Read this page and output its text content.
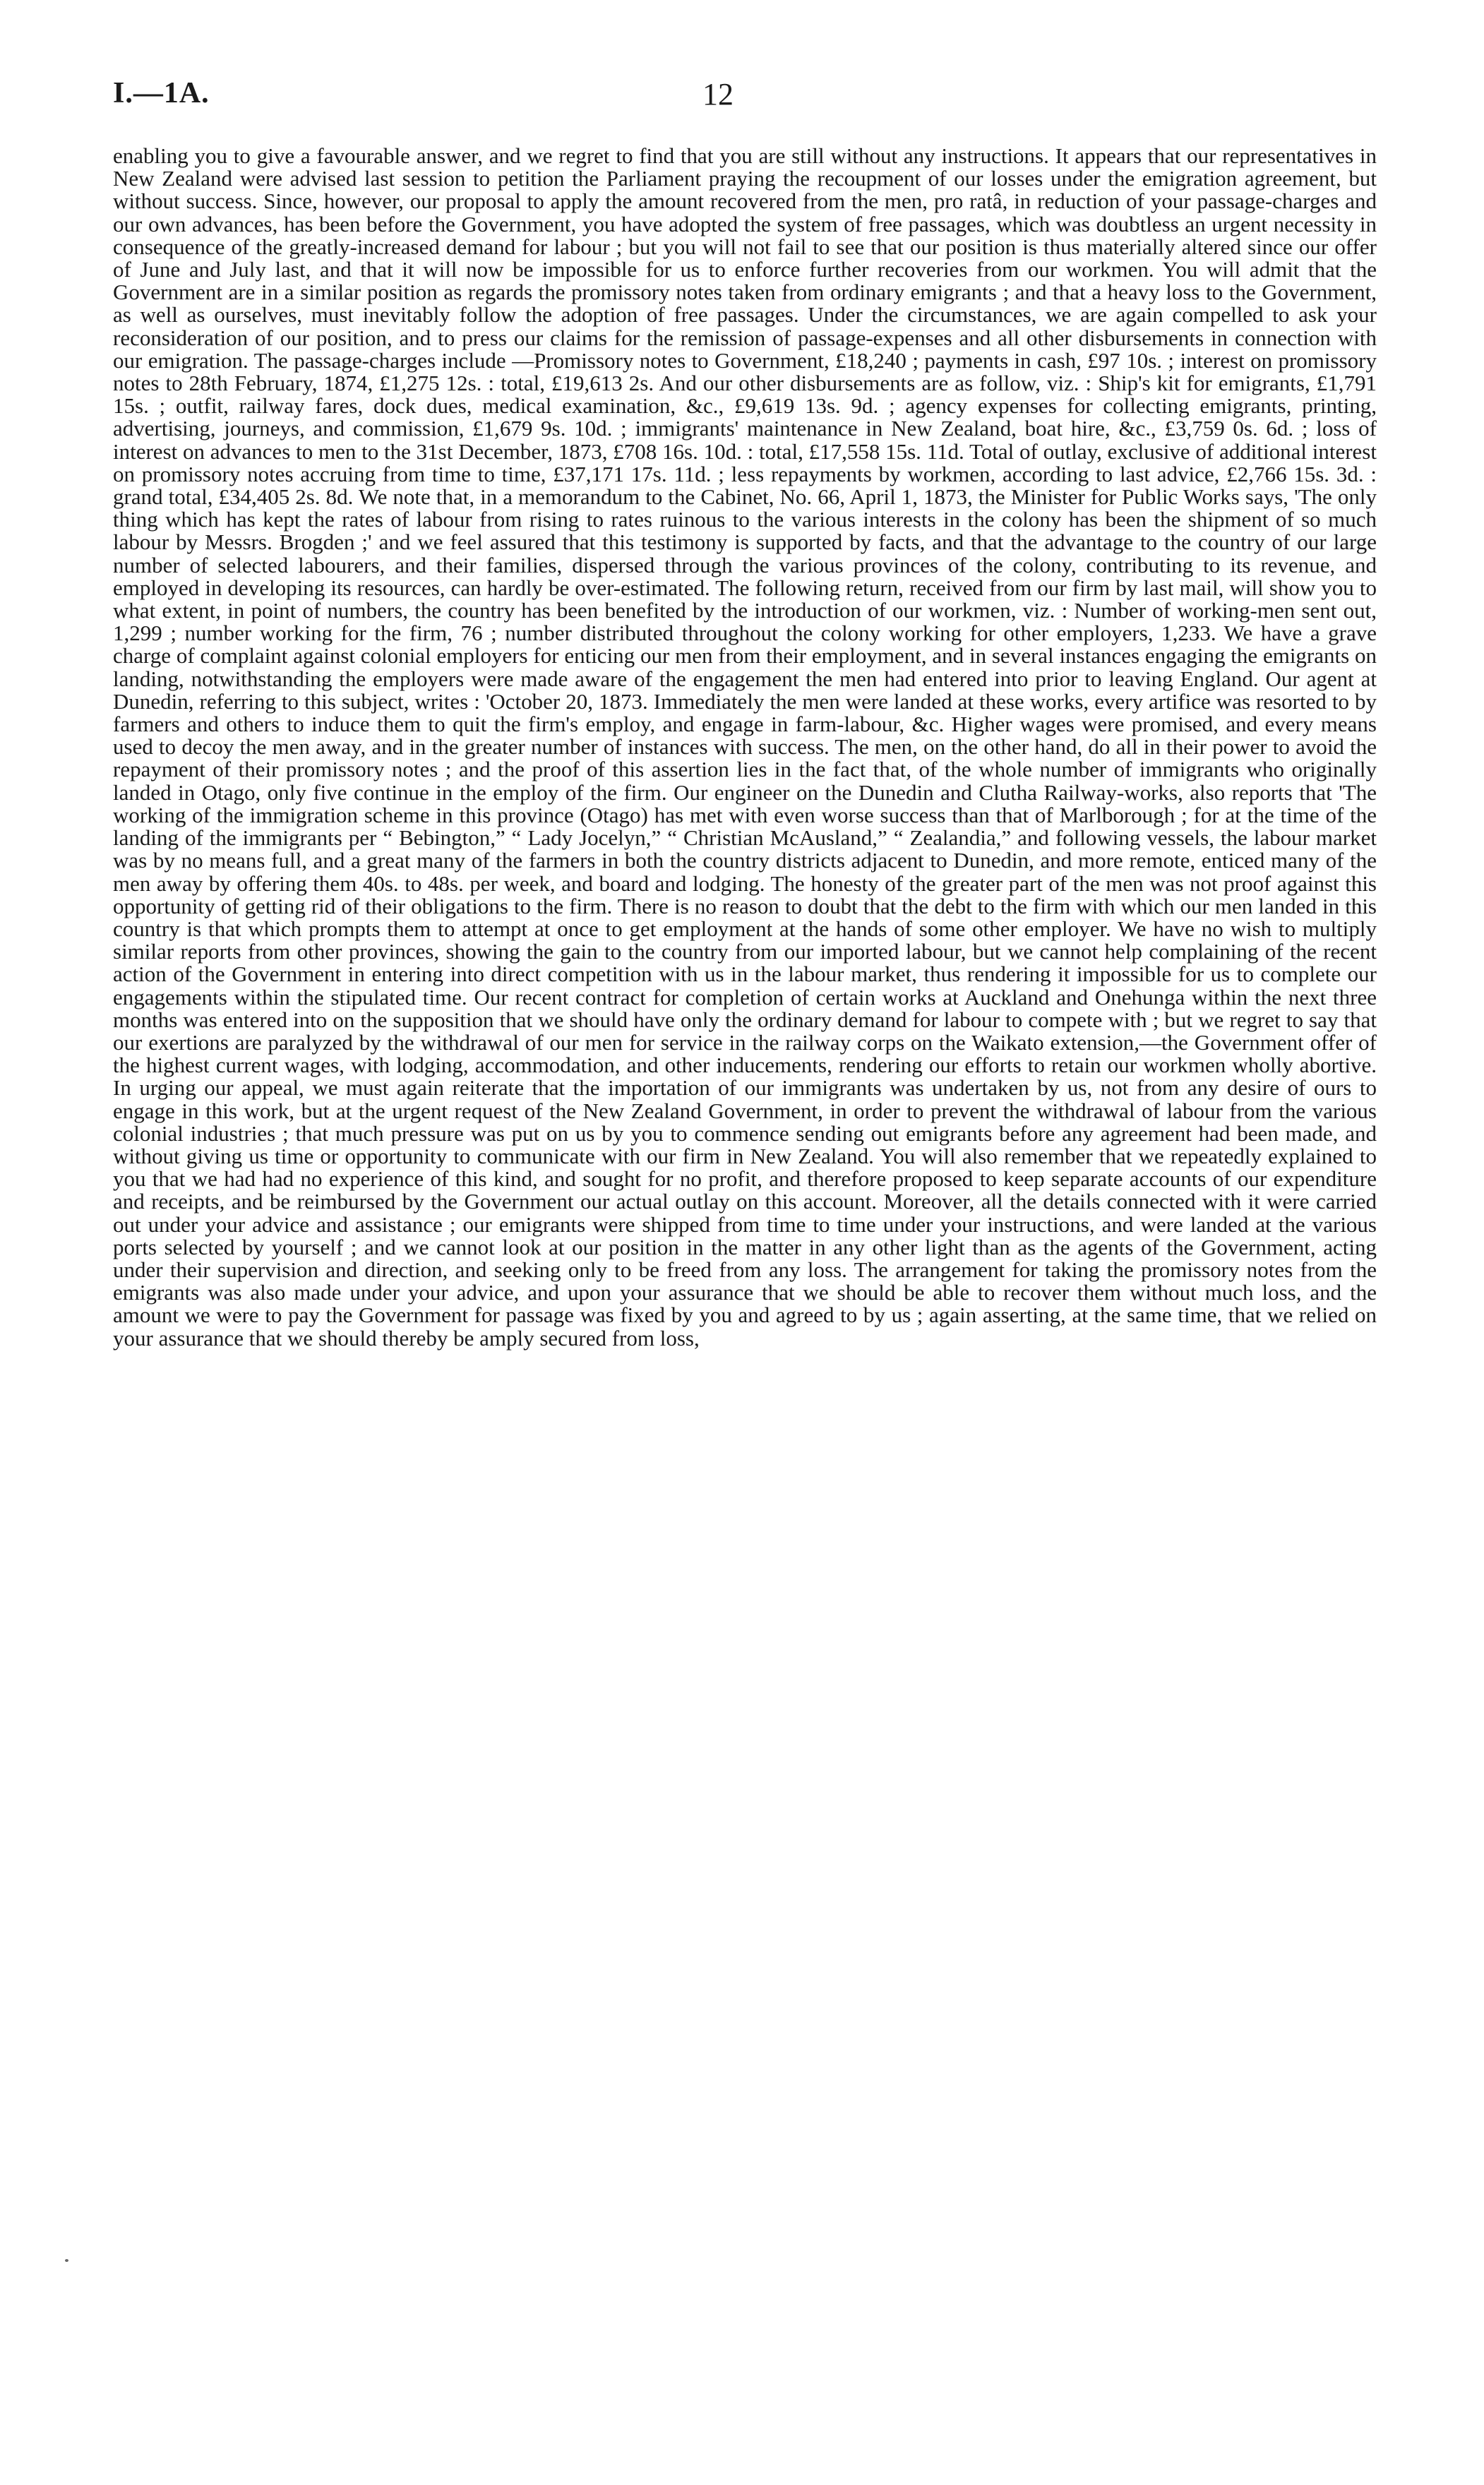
I.—1A.	12

enabling you to give a favourable answer, and we regret to find that you are still without any instructions. It appears that our representatives in New Zealand were advised last session to petition the Parliament praying the recoupment of our losses under the emigration agreement, but without success. Since, however, our proposal to apply the amount recovered from the men, pro ratâ, in reduction of your passage-charges and our own advances, has been before the Government, you have adopted the system of free passages, which was doubtless an urgent necessity in consequence of the greatly-increased demand for labour ; but you will not fail to see that our position is thus materially altered since our offer of June and July last, and that it will now be impossible for us to enforce further recoveries from our workmen. You will admit that the Government are in a similar position as regards the promissory notes taken from ordinary emigrants ; and that a heavy loss to the Government, as well as ourselves, must inevitably follow the adoption of free passages. Under the circumstances, we are again compelled to ask your reconsideration of our position, and to press our claims for the remission of passage-expenses and all other disbursements in connection with our emigration. The passage-charges include —Promissory notes to Government, £18,240 ; payments in cash, £97 10s. ; interest on promissory notes to 28th February, 1874, £1,275 12s. : total, £19,613 2s. And our other disbursements are as follow, viz. : Ship's kit for emigrants, £1,791 15s. ; outfit, railway fares, dock dues, medical examination, &c., £9,619 13s. 9d. ; agency expenses for collecting emigrants, printing, advertising, journeys, and commission, £1,679 9s. 10d. ; immigrants' maintenance in New Zealand, boat hire, &c., £3,759 0s. 6d. ; loss of interest on advances to men to the 31st December, 1873, £708 16s. 10d. : total, £17,558 15s. 11d. Total of outlay, exclusive of additional interest on promissory notes accruing from time to time, £37,171 17s. 11d. ; less repayments by workmen, according to last advice, £2,766 15s. 3d. : grand total, £34,405 2s. 8d. We note that, in a memorandum to the Cabinet, No. 66, April 1, 1873, the Minister for Public Works says, 'The only thing which has kept the rates of labour from rising to rates ruinous to the various interests in the colony has been the shipment of so much labour by Messrs. Brogden ;' and we feel assured that this testimony is supported by facts, and that the advantage to the country of our large number of selected labourers, and their families, dispersed through the various provinces of the colony, contributing to its revenue, and employed in developing its resources, can hardly be over-estimated. The following return, received from our firm by last mail, will show you to what extent, in point of numbers, the country has been benefited by the introduction of our workmen, viz. : Number of working-men sent out, 1,299 ; number working for the firm, 76 ; number distributed throughout the colony working for other employers, 1,233. We have a grave charge of complaint against colonial employers for enticing our men from their employment, and in several instances engaging the emigrants on landing, notwithstanding the employers were made aware of the engagement the men had entered into prior to leaving England. Our agent at Dunedin, referring to this subject, writes : 'October 20, 1873. Immediately the men were landed at these works, every artifice was resorted to by farmers and others to induce them to quit the firm's employ, and engage in farm-labour, &c. Higher wages were promised, and every means used to decoy the men away, and in the greater number of instances with success. The men, on the other hand, do all in their power to avoid the repayment of their promissory notes ; and the proof of this assertion lies in the fact that, of the whole number of immigrants who originally landed in Otago, only five continue in the employ of the firm. Our engineer on the Dunedin and Clutha Railway-works, also reports that 'The working of the immigration scheme in this province (Otago) has met with even worse success than that of Marlborough ; for at the time of the landing of the immigrants per “ Bebington,” “ Lady Jocelyn,” “ Christian McAusland,” “ Zealandia,” and following vessels, the labour market was by no means full, and a great many of the farmers in both the country districts adjacent to Dunedin, and more remote, enticed many of the men away by offering them 40s. to 48s. per week, and board and lodging. The honesty of the greater part of the men was not proof against this opportunity of getting rid of their obligations to the firm. There is no reason to doubt that the debt to the firm with which our men landed in this country is that which prompts them to attempt at once to get employment at the hands of some other employer. We have no wish to multiply similar reports from other provinces, showing the gain to the country from our imported labour, but we cannot help complaining of the recent action of the Government in entering into direct competition with us in the labour market, thus rendering it impossible for us to complete our engagements within the stipulated time. Our recent contract for completion of certain works at Auckland and Onehunga within the next three months was entered into on the supposition that we should have only the ordinary demand for labour to compete with ; but we regret to say that our exertions are paralyzed by the withdrawal of our men for service in the railway corps on the Waikato extension,—the Government offer of the highest current wages, with lodging, accommodation, and other inducements, rendering our efforts to retain our workmen wholly abortive. In urging our appeal, we must again reiterate that the importation of our immigrants was undertaken by us, not from any desire of ours to engage in this work, but at the urgent request of the New Zealand Government, in order to prevent the withdrawal of labour from the various colonial industries ; that much pressure was put on us by you to commence sending out emigrants before any agreement had been made, and without giving us time or opportunity to communicate with our firm in New Zealand. You will also remember that we repeatedly explained to you that we had had no experience of this kind, and sought for no profit, and therefore proposed to keep separate accounts of our expenditure and receipts, and be reimbursed by the Government our actual outlay on this account. Moreover, all the details connected with it were carried out under your advice and assistance ; our emigrants were shipped from time to time under your instructions, and were landed at the various ports selected by yourself ; and we cannot look at our position in the matter in any other light than as the agents of the Government, acting under their supervision and direction, and seeking only to be freed from any loss. The arrangement for taking the promissory notes from the emigrants was also made under your advice, and upon your assurance that we should be able to recover them without much loss, and the amount we were to pay the Government for passage was fixed by you and agreed to by us ; again asserting, at the same time, that we relied on your assurance that we should thereby be amply secured from loss,
